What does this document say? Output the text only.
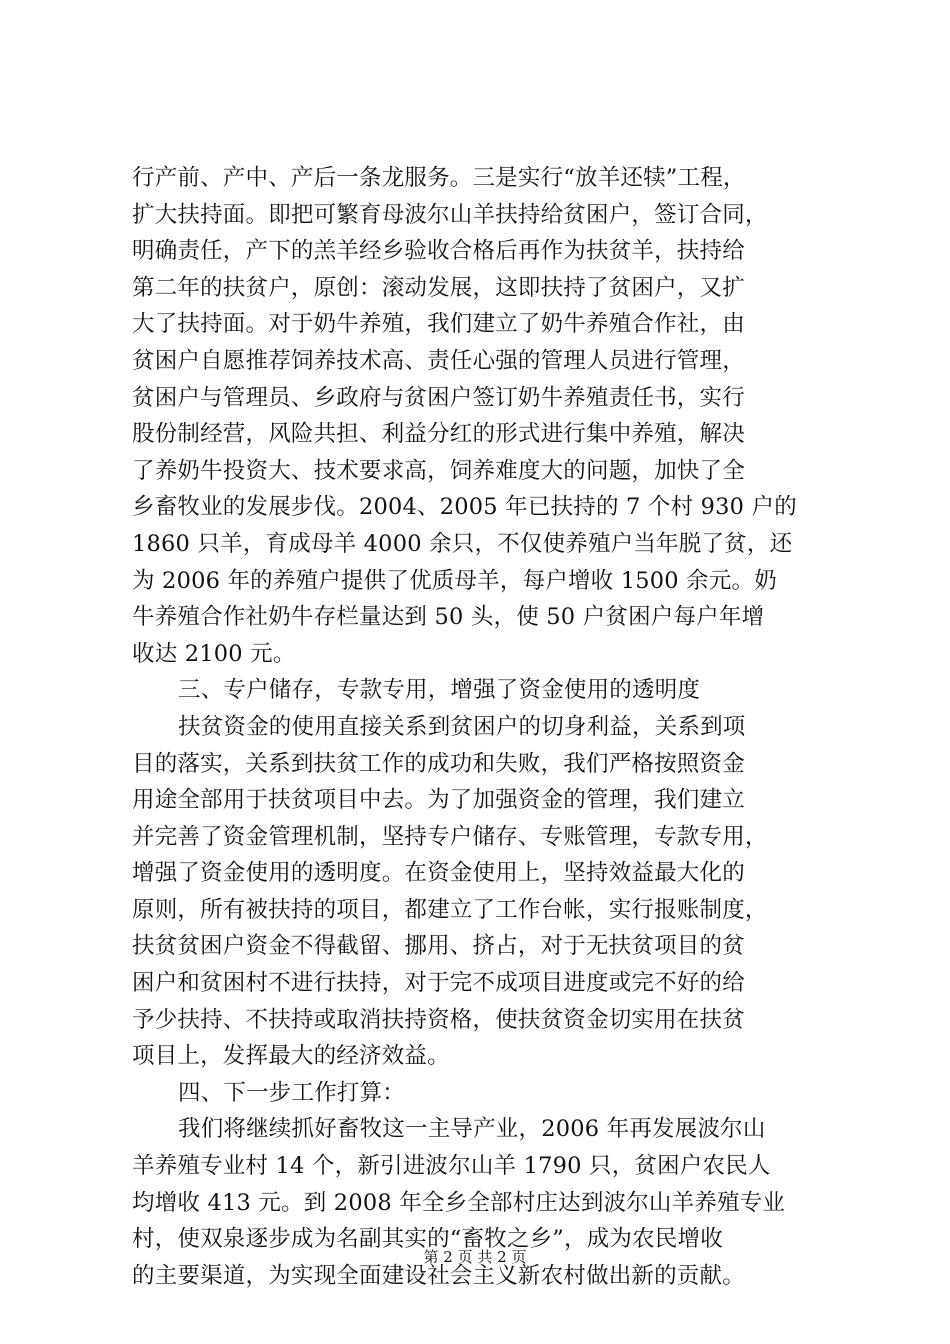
行产前、产中、产后一条龙服务。三是实行“放羊还犊”工程，
扩大扶持面。即把可繁育母波尔山羊扶持给贫困户，签订合同，
明确责任，产下的羔羊经乡验收合格后再作为扶贫羊，扶持给
第二年的扶贫户，原创：滚动发展，这即扶持了贫困户，又扩
大了扶持面。对于奶牛养殖，我们建立了奶牛养殖合作社，由
贫困户自愿推荐饲养技术高、责任心强的管理人员进行管理，
贫困户与管理员、乡政府与贫困户签订奶牛养殖责任书，实行
股份制经营，风险共担、利益分红的形式进行集中养殖，解决
了养奶牛投资大、技术要求高，饲养难度大的问题，加快了全
乡畜牧业的发展步伐。2004、2005 年已扶持的 7 个村 930 户的
1860 只羊，育成母羊 4000 余只，不仅使养殖户当年脱了贫，还
为 2006 年的养殖户提供了优质母羊，每户增收 1500 余元。奶
牛养殖合作社奶牛存栏量达到 50 头，使 50 户贫困户每户年增
收达 2100 元。
三、专户储存，专款专用，增强了资金使用的透明度
扶贫资金的使用直接关系到贫困户的切身利益，关系到项
目的落实，关系到扶贫工作的成功和失败，我们严格按照资金
用途全部用于扶贫项目中去。为了加强资金的管理，我们建立
并完善了资金管理机制，坚持专户储存、专账管理，专款专用，
增强了资金使用的透明度。在资金使用上，坚持效益最大化的
原则，所有被扶持的项目，都建立了工作台帐，实行报账制度，
扶贫贫困户资金不得截留、挪用、挤占，对于无扶贫项目的贫
困户和贫困村不进行扶持，对于完不成项目进度或完不好的给
予少扶持、不扶持或取消扶持资格，使扶贫资金切实用在扶贫
项目上，发挥最大的经济效益。
四、下一步工作打算：
我们将继续抓好畜牧这一主导产业，2006 年再发展波尔山
羊养殖专业村 14 个，新引进波尔山羊 1790 只，贫困户农民人
均增收 413 元。到 2008 年全乡全部村庄达到波尔山羊养殖专业
村，使双泉逐步成为名副其实的“畜牧之乡”，成为农民增收
的主要渠道，为实现全面建设社会主义新农村做出新的贡献。
第 2 页 共 2 页
